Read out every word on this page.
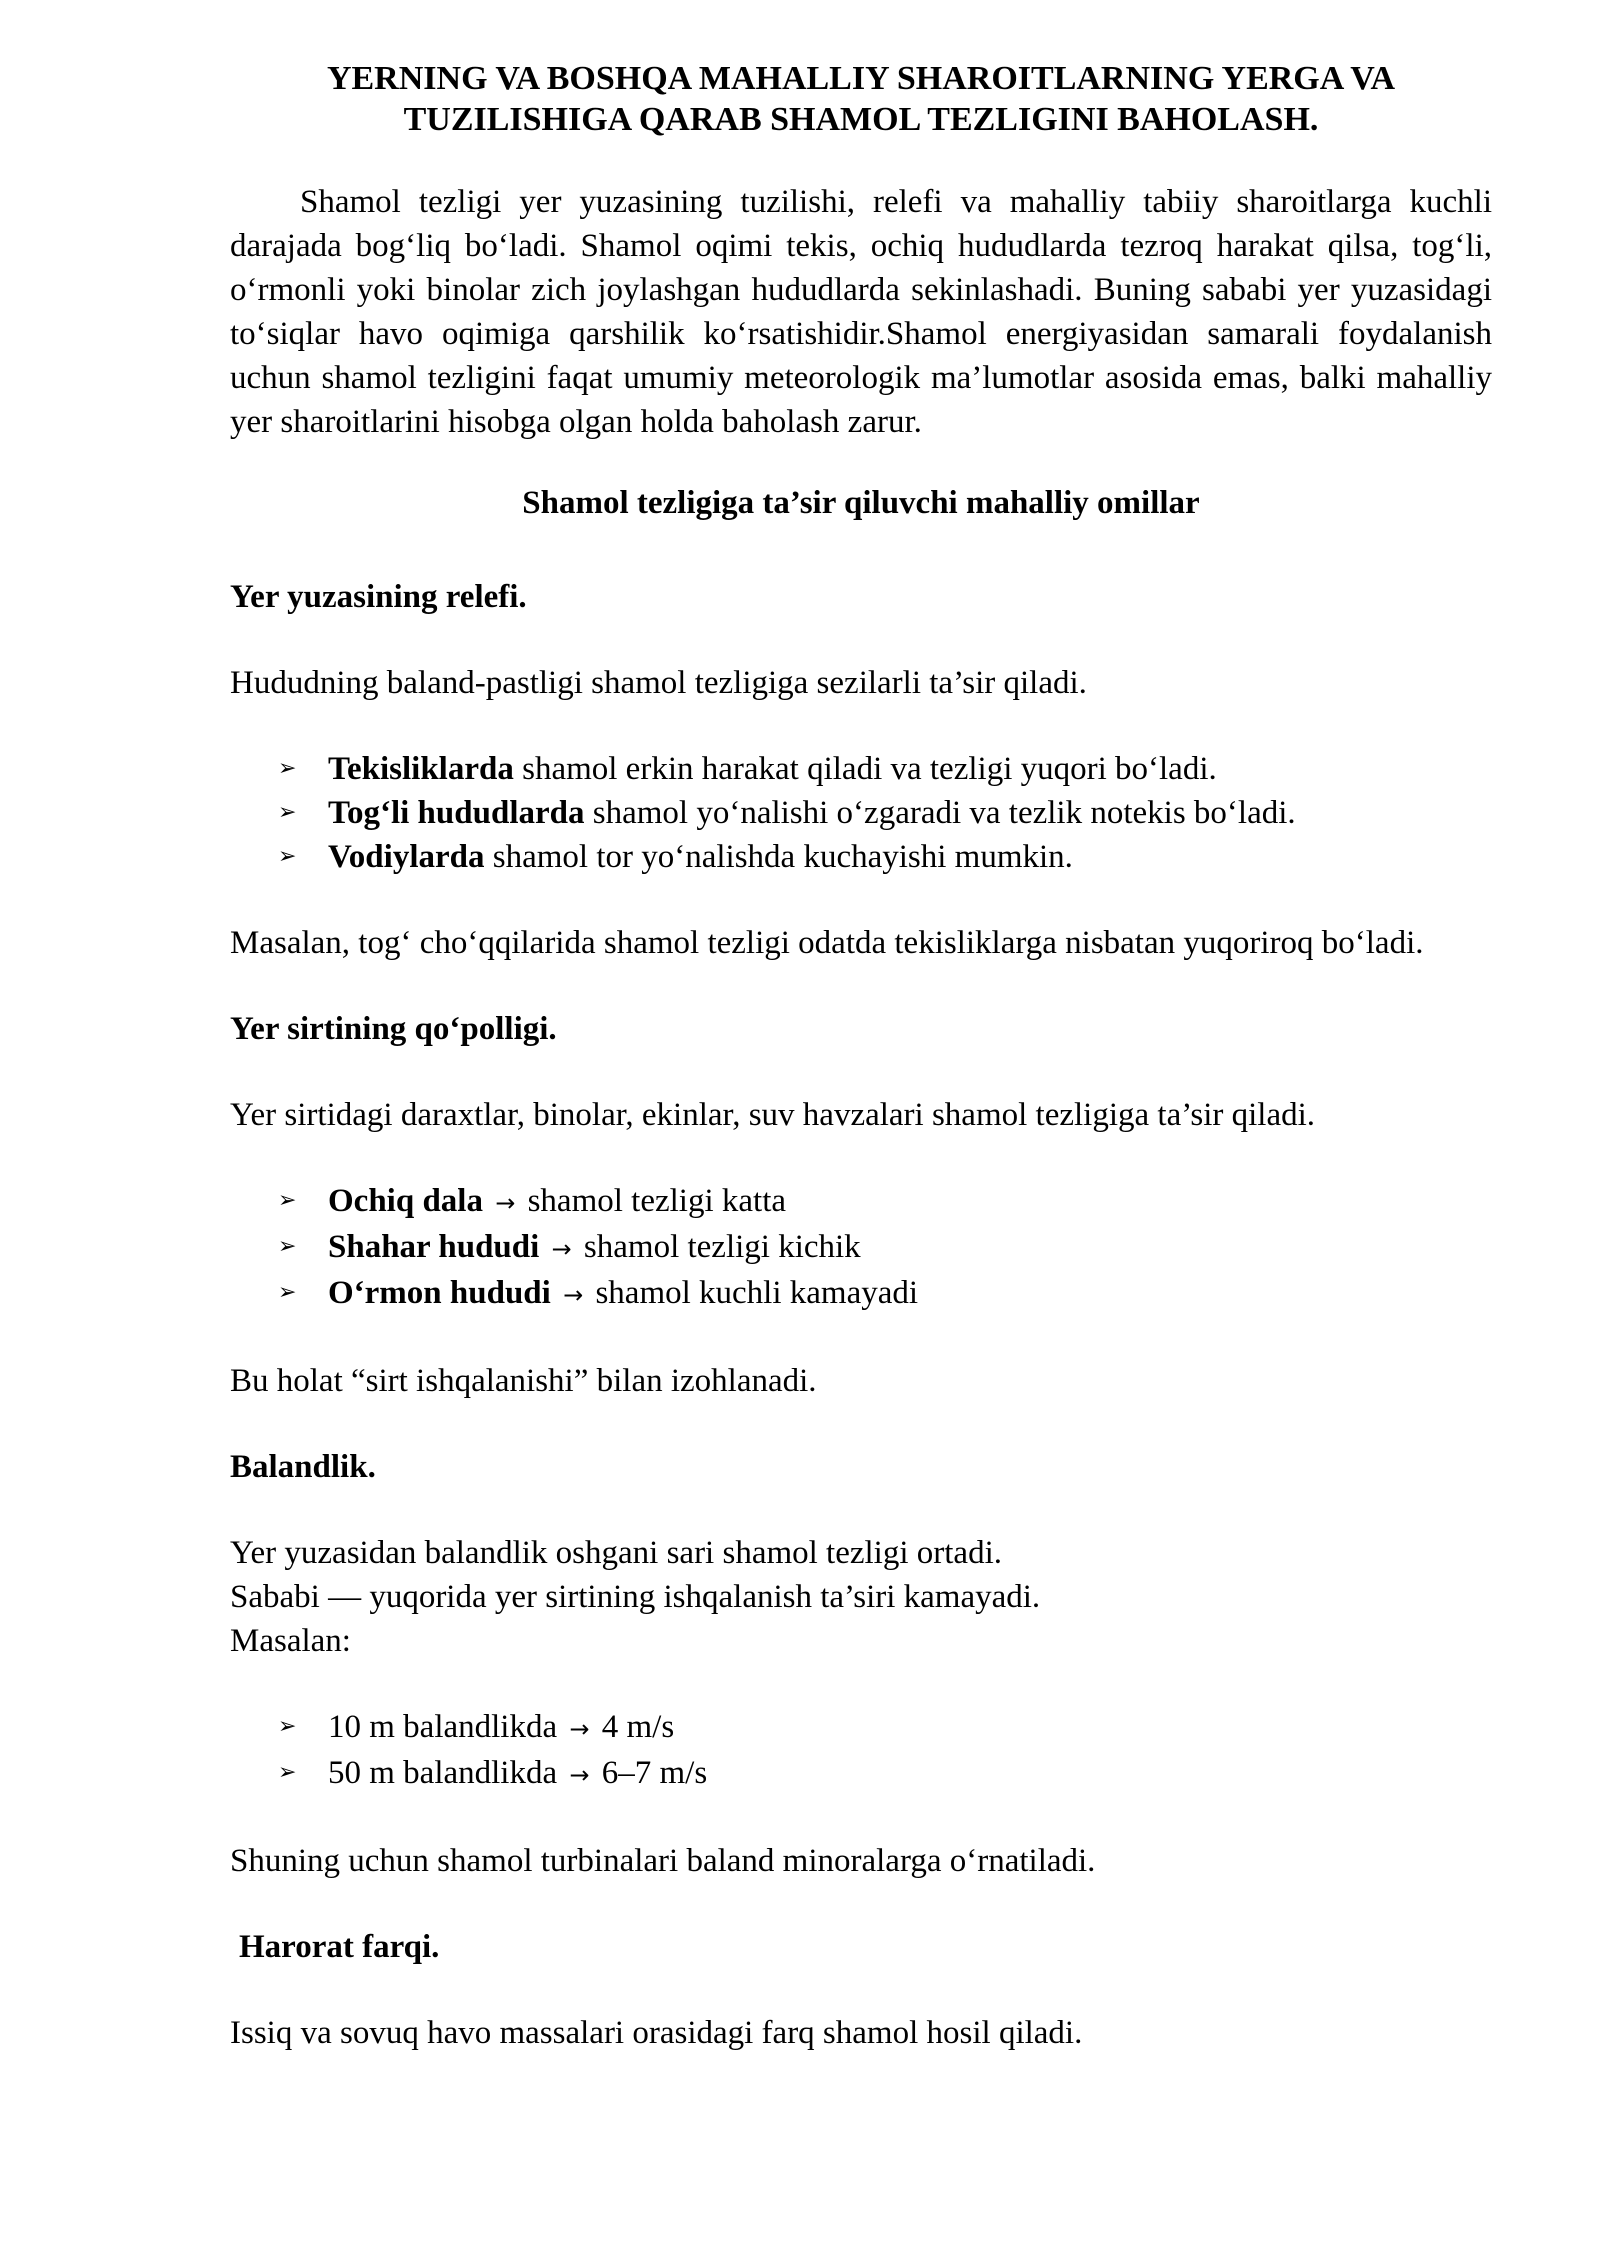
YERNING VA BOSHQA MAHALLIY SHAROITLARNING YERGA VA TUZILISHIGA QARAB SHAMOL TEZLIGINI BAHOLASH.
Shamol tezligi yer yuzasining tuzilishi, relefi va mahalliy tabiiy sharoitlarga kuchli darajada bog‘liq bo‘ladi. Shamol oqimi tekis, ochiq hududlarda tezroq harakat qilsa, tog‘li, o‘rmonli yoki binolar zich joylashgan hududlarda sekinlashadi. Buning sababi yer yuzasidagi to‘siqlar havo oqimiga qarshilik ko‘rsatishidir.Shamol energiyasidan samarali foydalanish uchun shamol tezligini faqat umumiy meteorologik ma’lumotlar asosida emas, balki mahalliy yer sharoitlarini hisobga olgan holda baholash zarur.
Shamol tezligiga ta’sir qiluvchi mahalliy omillar
Yer yuzasining relefi.
Hududning baland-pastligi shamol tezligiga sezilarli ta’sir qiladi.
➢ Tekisliklarda shamol erkin harakat qiladi va tezligi yuqori bo‘ladi.
➢ Tog‘li hududlarda shamol yo‘nalishi o‘zgaradi va tezlik notekis bo‘ladi.
➢ Vodiylarda shamol tor yo‘nalishda kuchayishi mumkin.
Masalan, tog‘ cho‘qqilarida shamol tezligi odatda tekisliklarga nisbatan yuqoriroq bo‘ladi.
Yer sirtining qo‘polligi.
Yer sirtidagi daraxtlar, binolar, ekinlar, suv havzalari shamol tezligiga ta’sir qiladi.
➢ Ochiq dala → shamol tezligi katta
➢ Shahar hududi → shamol tezligi kichik
➢ O‘rmon hududi → shamol kuchli kamayadi
Bu holat “sirt ishqalanishi” bilan izohlanadi.
Balandlik.
Yer yuzasidan balandlik oshgani sari shamol tezligi ortadi.
Sababi — yuqorida yer sirtining ishqalanish ta’siri kamayadi.
Masalan:
➢ 10 m balandlikda → 4 m/s
➢ 50 m balandlikda → 6–7 m/s
Shuning uchun shamol turbinalari baland minoralarga o‘rnatiladi.
Harorat farqi.
Issiq va sovuq havo massalari orasidagi farq shamol hosil qiladi.
